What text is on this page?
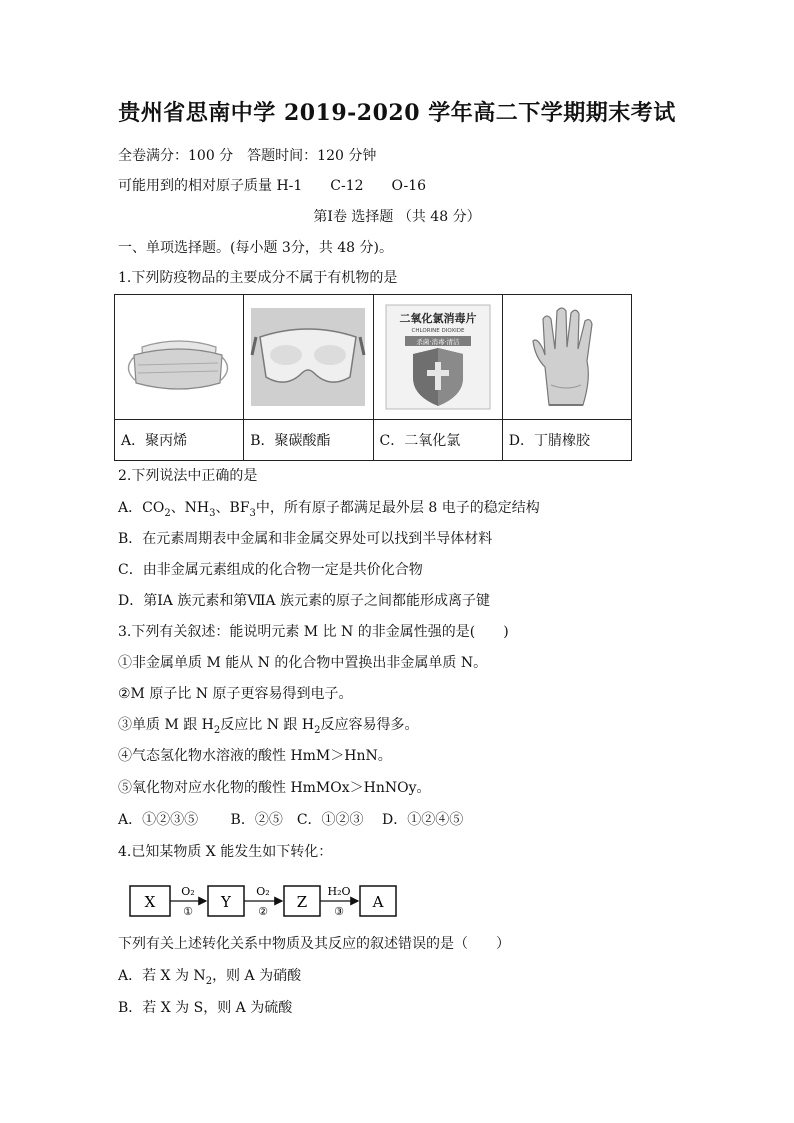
贵州省思南中学 2019-2020 学年高二下学期期末考试
全卷满分：100 分　答题时间：120 分钟
可能用到的相对原子质量 H-1　　C-12　　O-16
第Ⅰ卷 选择题 （共 48 分）
一、单项选择题。(每小题 3分，共 48 分)。
1.下列防疫物品的主要成分不属于有机物的是

二氧化氯消毒片
CHLORINE DIOXIDE
杀菌·消毒·清洁

A．聚丙烯	B．聚碳酸酯	C．二氧化氯	D．丁腈橡胶
2.下列说法中正确的是
A．$CO_2$、$NH_3$、$BF_3$中，所有原子都满足最外层 8 电子的稳定结构
B．在元素周期表中金属和非金属交界处可以找到半导体材料
C．由非金属元素组成的化合物一定是共价化合物
D．第ⅠA 族元素和第ⅦA 族元素的原子之间都能形成离子键
3.下列有关叙述：能说明元素 M 比 N 的非金属性强的是(　　)
①非金属单质 M 能从 N 的化合物中置换出非金属单质 N。
②M 原子比 N 原子更容易得到电子。
③单质 M 跟 $H_2$反应比 N 跟 $H_2$反应容易得多。
④气态氢化物水溶液的酸性 HmM＞HnN。
⑤氧化物对应水化物的酸性 HmMOx＞HnNOy。
A．①②③⑤　　 B．②⑤　C．①②③　 D．①②④⑤
4.已知某物质 X 能发生如下转化：
X
O₂
①
Y
O₂
②
Z
H₂O
③
A
下列有关上述转化关系中物质及其反应的叙述错误的是（　　）
A．若 X 为 $N_2$，则 A 为硝酸
B．若 X 为 S，则 A 为硫酸
